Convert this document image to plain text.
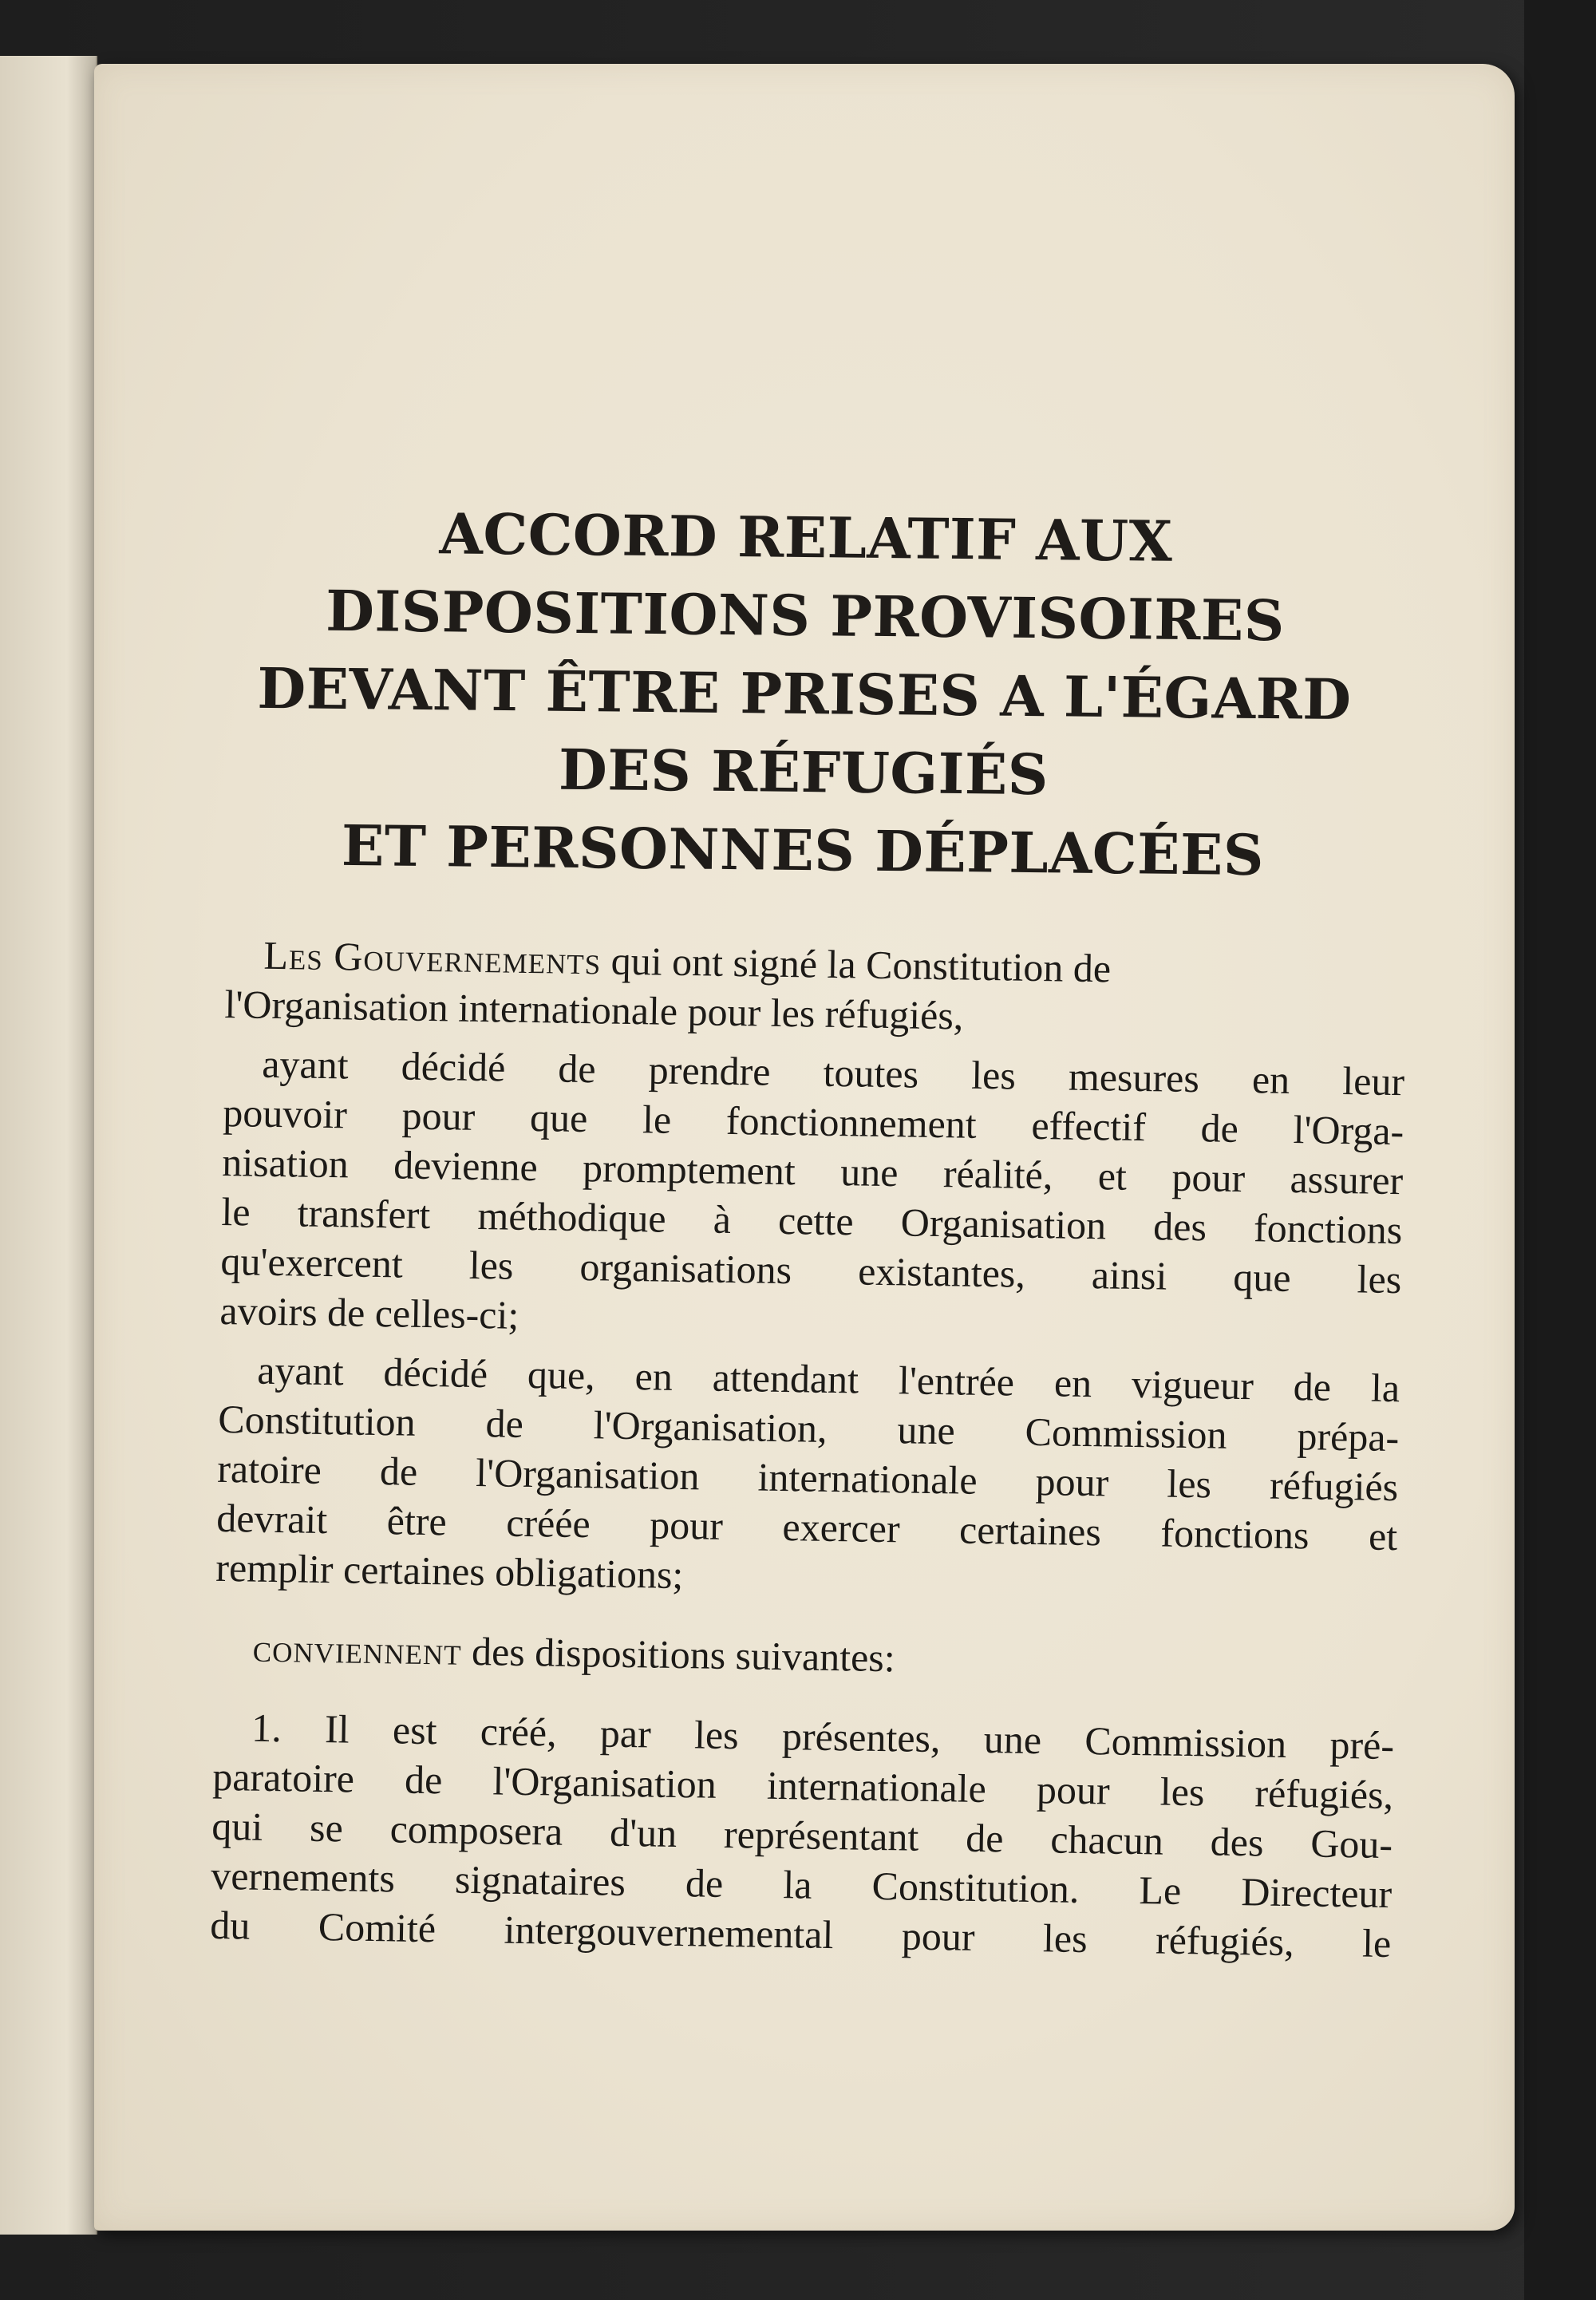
ACCORD RELATIF AUX
DISPOSITIONS PROVISOIRES
DEVANT ÊTRE PRISES A L'ÉGARD
DES RÉFUGIÉS
ET PERSONNES DÉPLACÉES
Les Gouvernements qui ont signé la Constitution de
l'Organisation internationale pour les réfugiés,
ayant décidé de prendre toutes les mesures en leur
pouvoir pour que le fonctionnement effectif de l'Orga-
nisation devienne promptement une réalité, et pour assurer
le transfert méthodique à cette Organisation des fonctions
qu'exercent les organisations existantes, ainsi que les
avoirs de celles-ci;
ayant décidé que, en attendant l'entrée en vigueur de la
Constitution de l'Organisation, une Commission prépa-
ratoire de l'Organisation internationale pour les réfugiés
devrait être créée pour exercer certaines fonctions et
remplir certaines obligations;
conviennent
des dispositions suivantes:
1. Il est créé, par les présentes, une Commission pré-
paratoire de l'Organisation internationale pour les réfugiés,
qui se composera d'un représentant de chacun des Gou-
vernements signataires de la Constitution. Le Directeur
du Comité intergouvernemental pour les réfugiés, le
